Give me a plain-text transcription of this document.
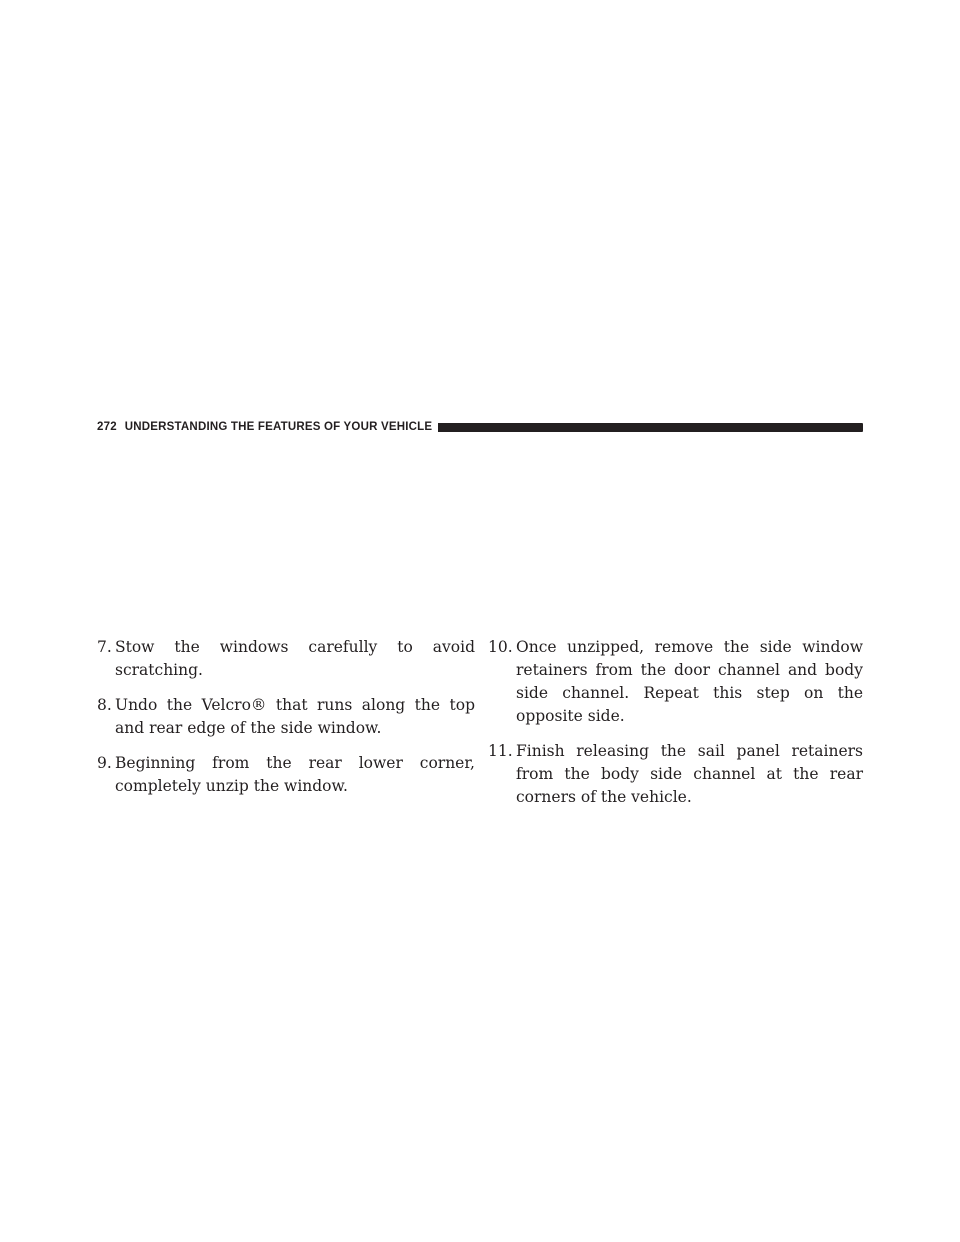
272 UNDERSTANDING THE FEATURES OF YOUR VEHICLE
7. Stow the windows carefully to avoid scratching.
8. Undo the Velcro® that runs along the top and rear edge of the side window.
9. Beginning from the rear lower corner, completely unzip the window.
10. Once unzipped, remove the side window retainers from the door channel and body side channel. Repeat this step on the opposite side.
11. Finish releasing the sail panel retainers from the body side channel at the rear corners of the vehicle.
